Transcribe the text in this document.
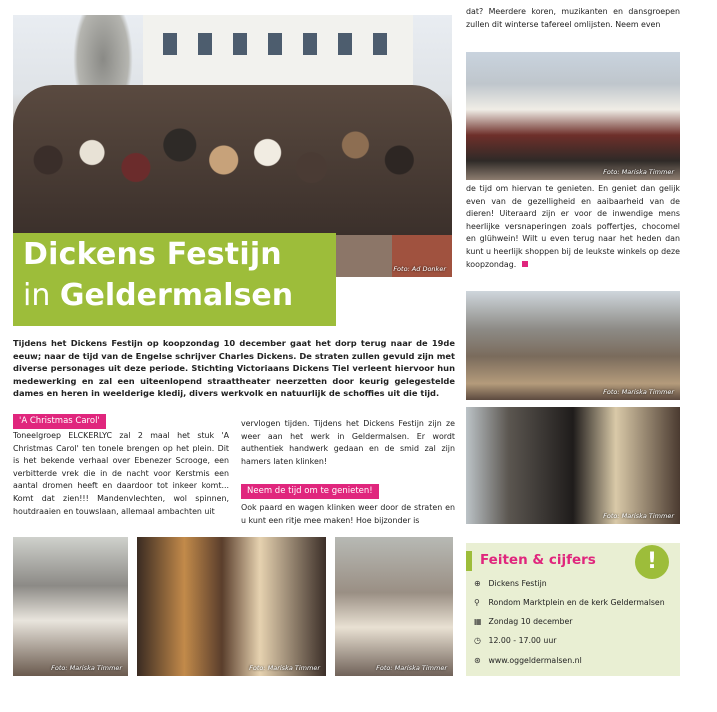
Foto: Ad Donker
Dickens Festijn
in Geldermalsen
Tijdens het Dickens Festijn op koopzondag 10 december gaat het dorp terug naar de 19de eeuw; naar de tijd van de Engelse schrijver Charles Dickens. De straten zullen gevuld zijn met diverse personages uit deze periode. Stichting Victoriaans Dickens Tiel verleent hiervoor hun medewerking en zal een uiteenlopend straattheater neerzetten door keurig gelegestelde dames en heren in weelderige kledij, divers werkvolk en natuurlijk de schoffies uit die tijd.
'A Christmas Carol'
Toneelgroep ELCKERLYC zal 2 maal het stuk 'A Christmas Carol' ten tonele brengen op het plein. Dit is het bekende verhaal over Ebenezer Scrooge, een verbitterde vrek die in de nacht voor Kerstmis een aantal dromen heeft en daardoor tot inkeer komt... Komt dat zien!!! Mandenvlechten, wol spinnen, houtdraaien en touwslaan, allemaal ambachten uit
vervlogen tijden. Tijdens het Dickens Festijn zijn ze weer aan het werk in Geldermalsen. Er wordt authentiek handwerk gedaan en de smid zal zijn hamers laten klinken!
Neem de tijd om te genieten!
Ook paard en wagen klinken weer door de straten en u kunt een ritje mee maken! Hoe bijzonder is
Foto: Mariska Timmer	Foto: Mariska Timmer	Foto: Mariska Timmer
dat? Meerdere koren, muzikanten en dansgroepen zullen dit winterse tafereel omlijsten. Neem even
Foto: Mariska Timmer
de tijd om hiervan te genieten. En geniet dan gelijk even van de gezelligheid en aaibaarheid van de dieren! Uiteraard zijn er voor de inwendige mens heerlijke versnaperingen zoals poffertjes, chocomel en glühwein! Wilt u even terug naar het heden dan kunt u heerlijk shoppen bij de leukste winkels op deze koopzondag.
Foto: Mariska Timmer
Foto: Mariska Timmer
Feiten & cijfers	!
⊕ Dickens Festijn
⚲ Rondom Marktplein en de kerk Geldermalsen
▦ Zondag 10 december
◷ 12.00 - 17.00 uur
⊛ www.oggeldermalsen.nl
